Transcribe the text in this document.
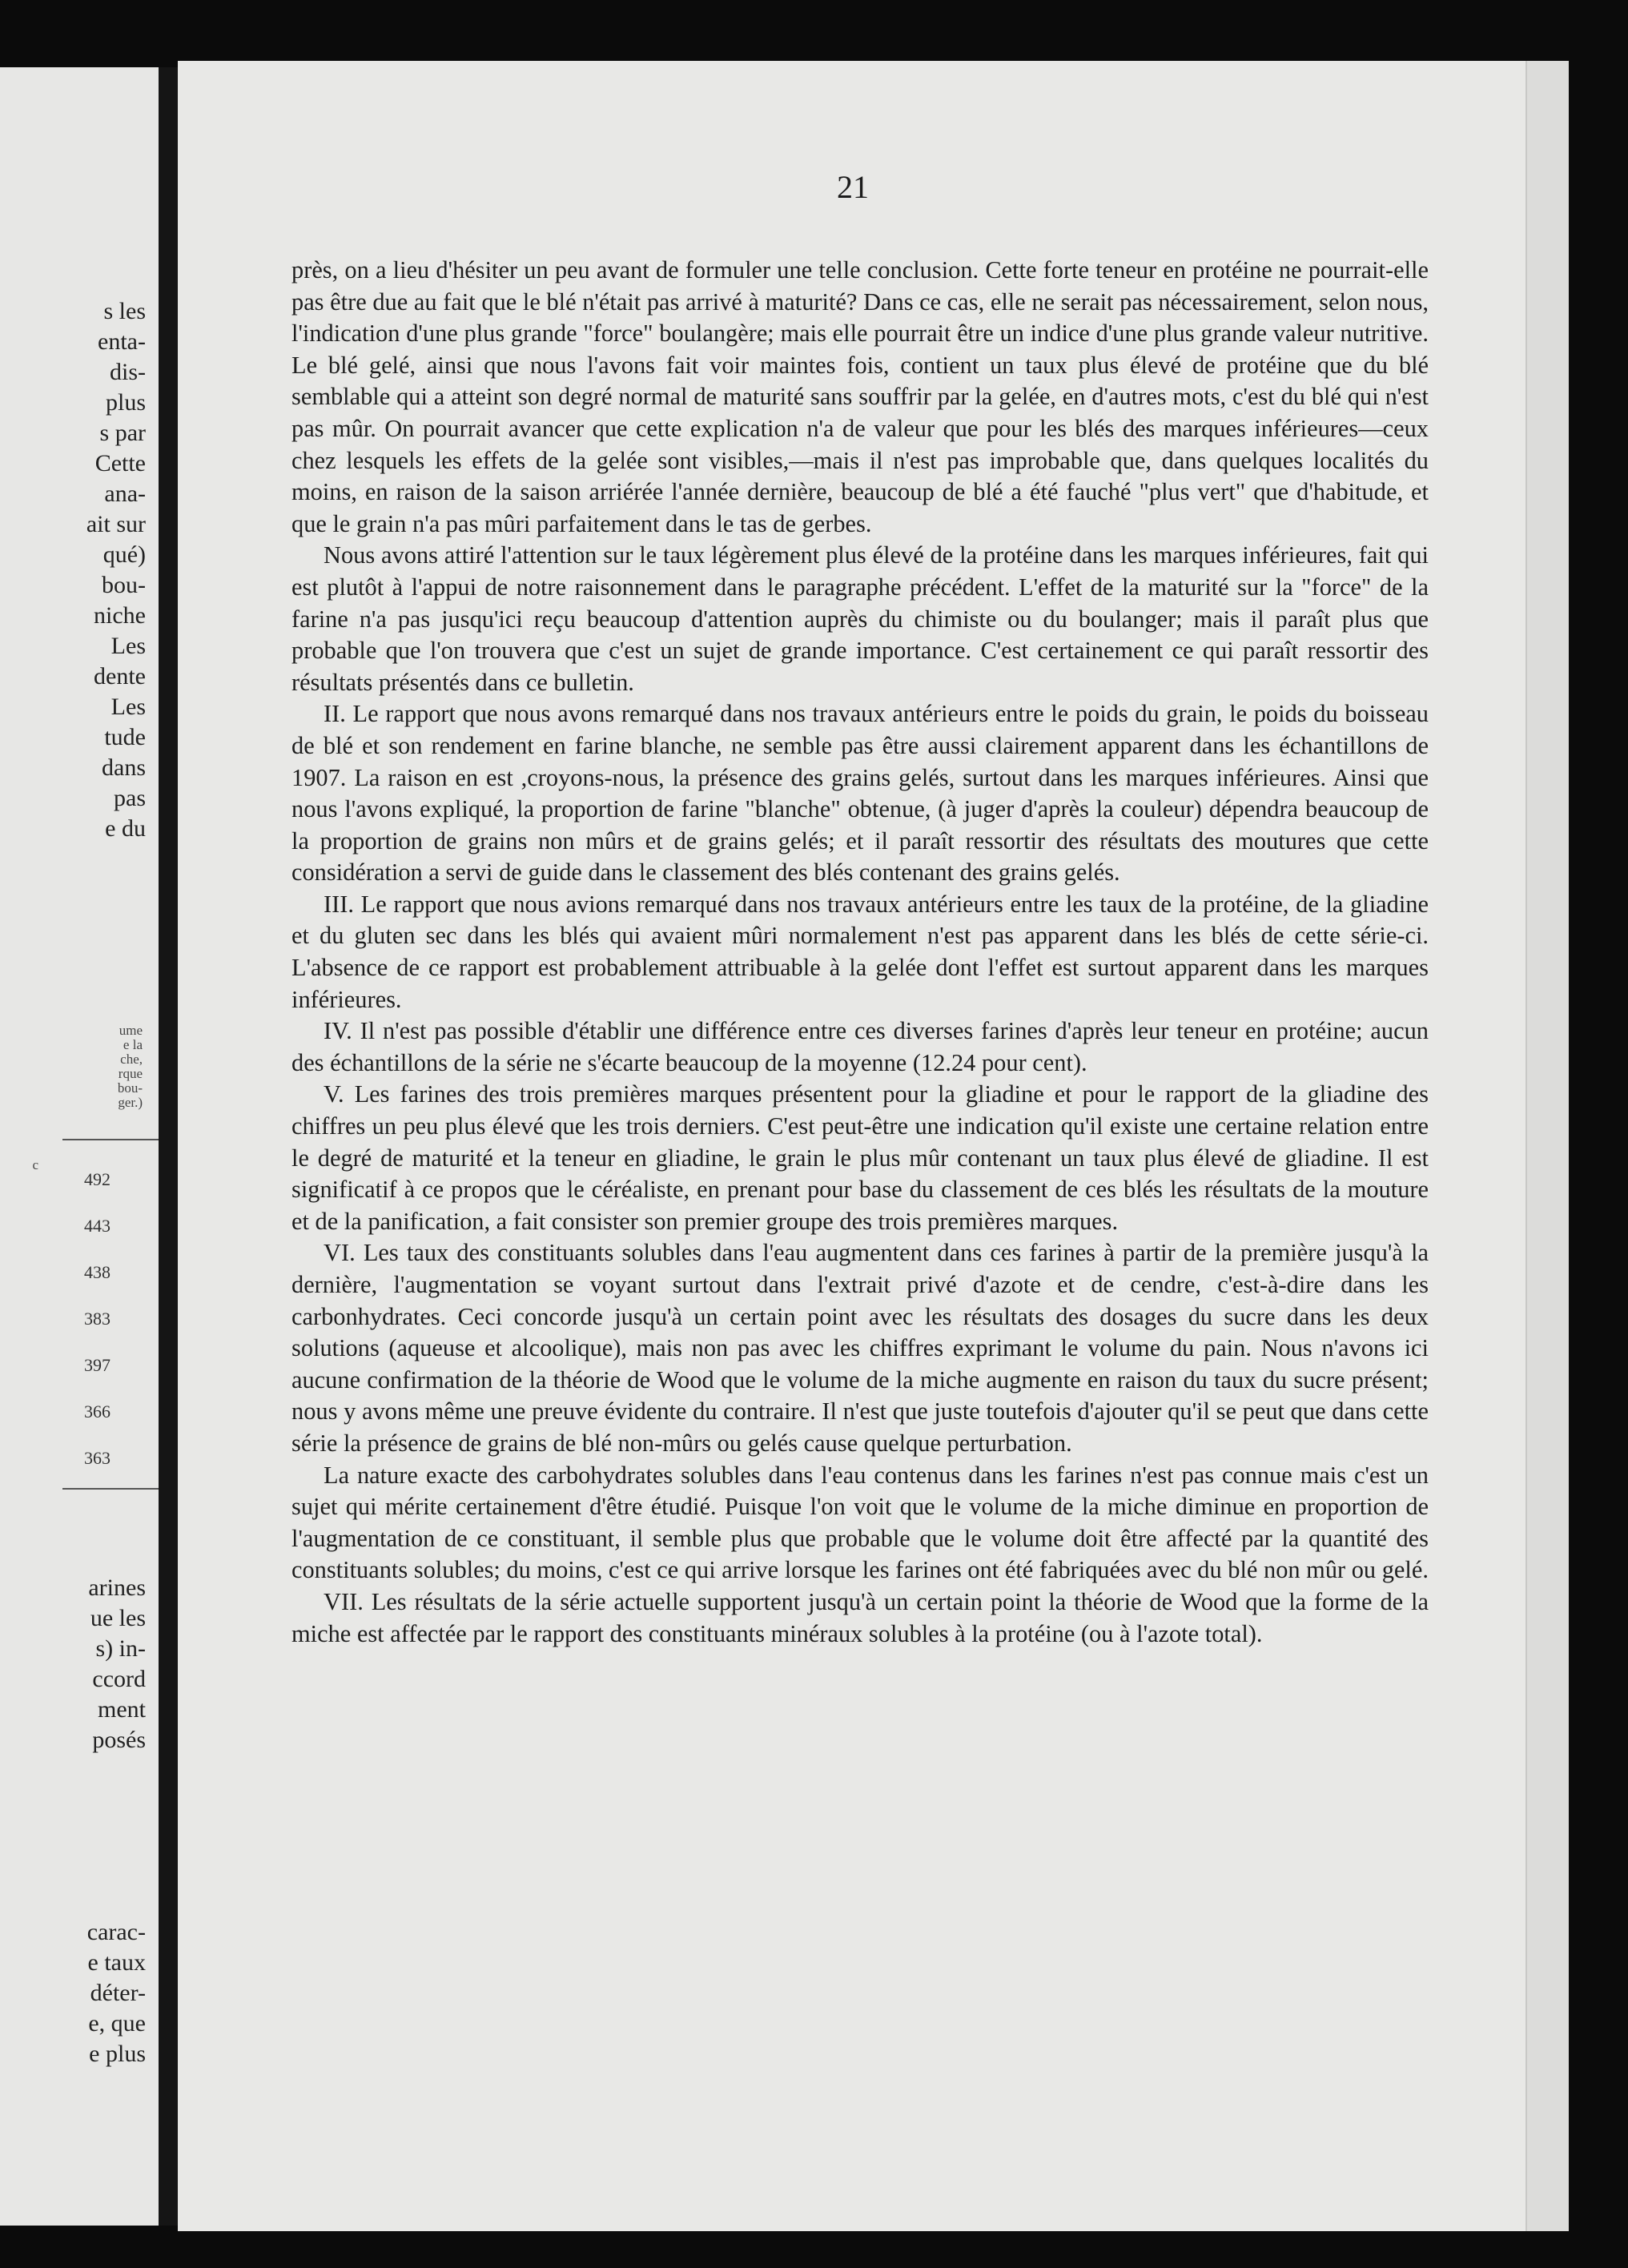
s les
enta-
dis-
plus
s par
Cette
ana-
ait sur
qué)
bou-
niche
Les
dente
Les
tude
dans
pas
e du
ume
e la
che,
rque
bou-
ger.)
c
492
443
438
383
397
366
363
arines
ue les
s) in-
ccord
ment
posés
carac-
e taux
déter-
e, que
e plus
21

près, on a lieu d'hésiter un peu avant de formuler une telle conclusion. Cette forte teneur en protéine ne pourrait-elle pas être due au fait que le blé n'était pas arrivé à maturité? Dans ce cas, elle ne serait pas nécessairement, selon nous, l'indication d'une plus grande "force" boulangère; mais elle pourrait être un indice d'une plus grande valeur nutritive. Le blé gelé, ainsi que nous l'avons fait voir maintes fois, contient un taux plus élevé de protéine que du blé semblable qui a atteint son degré normal de maturité sans souffrir par la gelée, en d'autres mots, c'est du blé qui n'est pas mûr. On pourrait avancer que cette explication n'a de valeur que pour les blés des marques inférieures—ceux chez lesquels les effets de la gelée sont visibles,—mais il n'est pas improbable que, dans quelques localités du moins, en raison de la saison arriérée l'année dernière, beaucoup de blé a été fauché "plus vert" que d'habitude, et que le grain n'a pas mûri parfaitement dans le tas de gerbes.

Nous avons attiré l'attention sur le taux légèrement plus élevé de la protéine dans les marques inférieures, fait qui est plutôt à l'appui de notre raisonnement dans le paragraphe précédent. L'effet de la maturité sur la "force" de la farine n'a pas jusqu'ici reçu beaucoup d'attention auprès du chimiste ou du boulanger; mais il paraît plus que probable que l'on trouvera que c'est un sujet de grande importance. C'est certainement ce qui paraît ressortir des résultats présentés dans ce bulletin.

II. Le rapport que nous avons remarqué dans nos travaux antérieurs entre le poids du grain, le poids du boisseau de blé et son rendement en farine blanche, ne semble pas être aussi clairement apparent dans les échantillons de 1907. La raison en est ,croyons-nous, la présence des grains gelés, surtout dans les marques inférieures. Ainsi que nous l'avons expliqué, la proportion de farine "blanche" obtenue, (à juger d'après la couleur) dépendra beaucoup de la proportion de grains non mûrs et de grains gelés; et il paraît ressortir des résultats des moutures que cette considération a servi de guide dans le classement des blés contenant des grains gelés.

III. Le rapport que nous avions remarqué dans nos travaux antérieurs entre les taux de la protéine, de la gliadine et du gluten sec dans les blés qui avaient mûri normalement n'est pas apparent dans les blés de cette série-ci. L'absence de ce rapport est probablement attribuable à la gelée dont l'effet est surtout apparent dans les marques inférieures.

IV. Il n'est pas possible d'établir une différence entre ces diverses farines d'après leur teneur en protéine; aucun des échantillons de la série ne s'écarte beaucoup de la moyenne (12.24 pour cent).

V. Les farines des trois premières marques présentent pour la gliadine et pour le rapport de la gliadine des chiffres un peu plus élevé que les trois derniers. C'est peut-être une indication qu'il existe une certaine relation entre le degré de maturité et la teneur en gliadine, le grain le plus mûr contenant un taux plus élevé de gliadine. Il est significatif à ce propos que le céréaliste, en prenant pour base du classement de ces blés les résultats de la mouture et de la panification, a fait consister son premier groupe des trois premières marques.

VI. Les taux des constituants solubles dans l'eau augmentent dans ces farines à partir de la première jusqu'à la dernière, l'augmentation se voyant surtout dans l'extrait privé d'azote et de cendre, c'est-à-dire dans les carbonhydrates. Ceci concorde jusqu'à un certain point avec les résultats des dosages du sucre dans les deux solutions (aqueuse et alcoolique), mais non pas avec les chiffres exprimant le volume du pain. Nous n'avons ici aucune confirmation de la théorie de Wood que le volume de la miche augmente en raison du taux du sucre présent; nous y avons même une preuve évidente du contraire. Il n'est que juste toutefois d'ajouter qu'il se peut que dans cette série la présence de grains de blé non-mûrs ou gelés cause quelque perturbation.

La nature exacte des carbohydrates solubles dans l'eau contenus dans les farines n'est pas connue mais c'est un sujet qui mérite certainement d'être étudié. Puisque l'on voit que le volume de la miche diminue en proportion de l'augmentation de ce constituant, il semble plus que probable que le volume doit être affecté par la quantité des constituants solubles; du moins, c'est ce qui arrive lorsque les farines ont été fabriquées avec du blé non mûr ou gelé.

VII. Les résultats de la série actuelle supportent jusqu'à un certain point la théorie de Wood que la forme de la miche est affectée par le rapport des constituants minéraux solubles à la protéine (ou à l'azote total).
